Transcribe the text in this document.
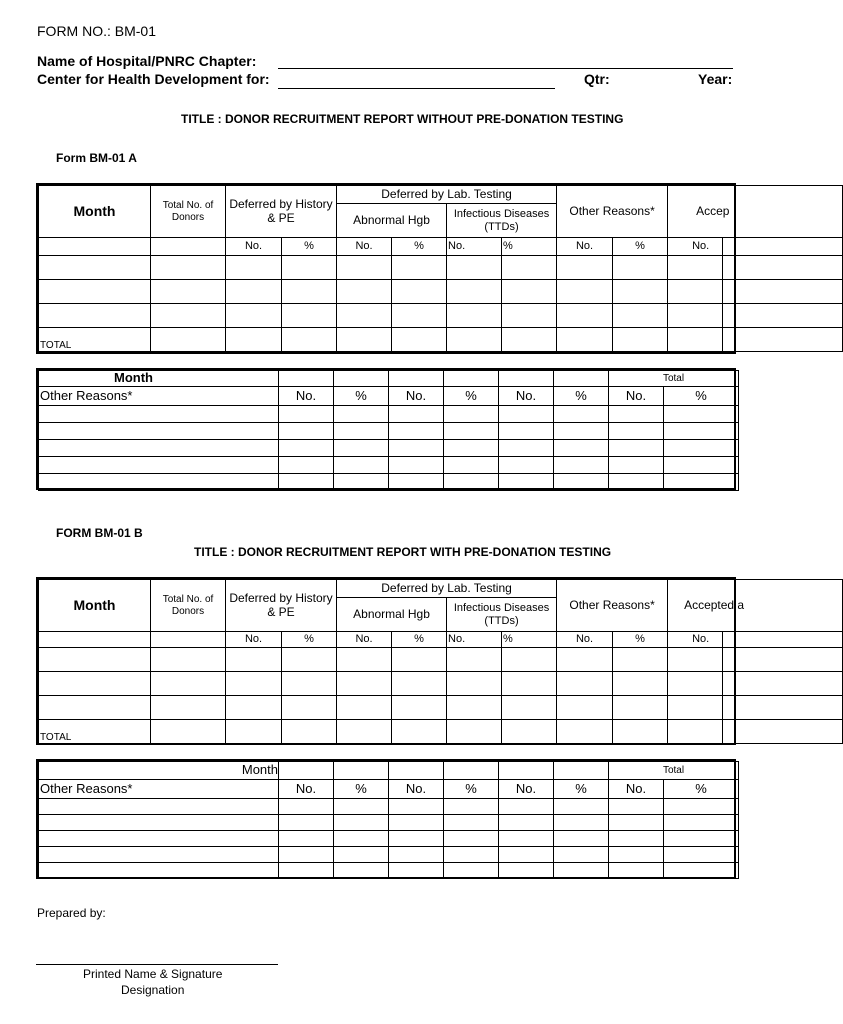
FORM NO.: BM-01
Name of Hospital/PNRC Chapter:
Center for Health Development for:	Qtr:	Year:
TITLE : DONOR RECRUITMENT REPORT WITHOUT PRE-DONATION TESTING
Form BM-01 A
Month	Total No. of Donors	Deferred by History & PE		Deferred by Lab. Testing				Other Reasons*		Accep	
				Abnormal Hgb		Infectious Diseases (TTDs)					
		No.	%	No.	%	No.	%	No.	%	No.	

TOTAL											
Month							Total	
Other Reasons*	No.	%	No.	%	No.	%	No.	%

FORM BM-01 B
TITLE : DONOR RECRUITMENT REPORT WITH PRE-DONATION TESTING
Month	Total No. of Donors	Deferred by History & PE		Deferred by Lab. Testing				Other Reasons*		Accepted a	
				Abnormal Hgb		Infectious Diseases (TTDs)					
		No.	%	No.	%	No.	%	No.	%	No.	

TOTAL											
Month							Total	
Other Reasons*	No.	%	No.	%	No.	%	No.	%

Prepared by:
Printed Name & Signature
Designation
